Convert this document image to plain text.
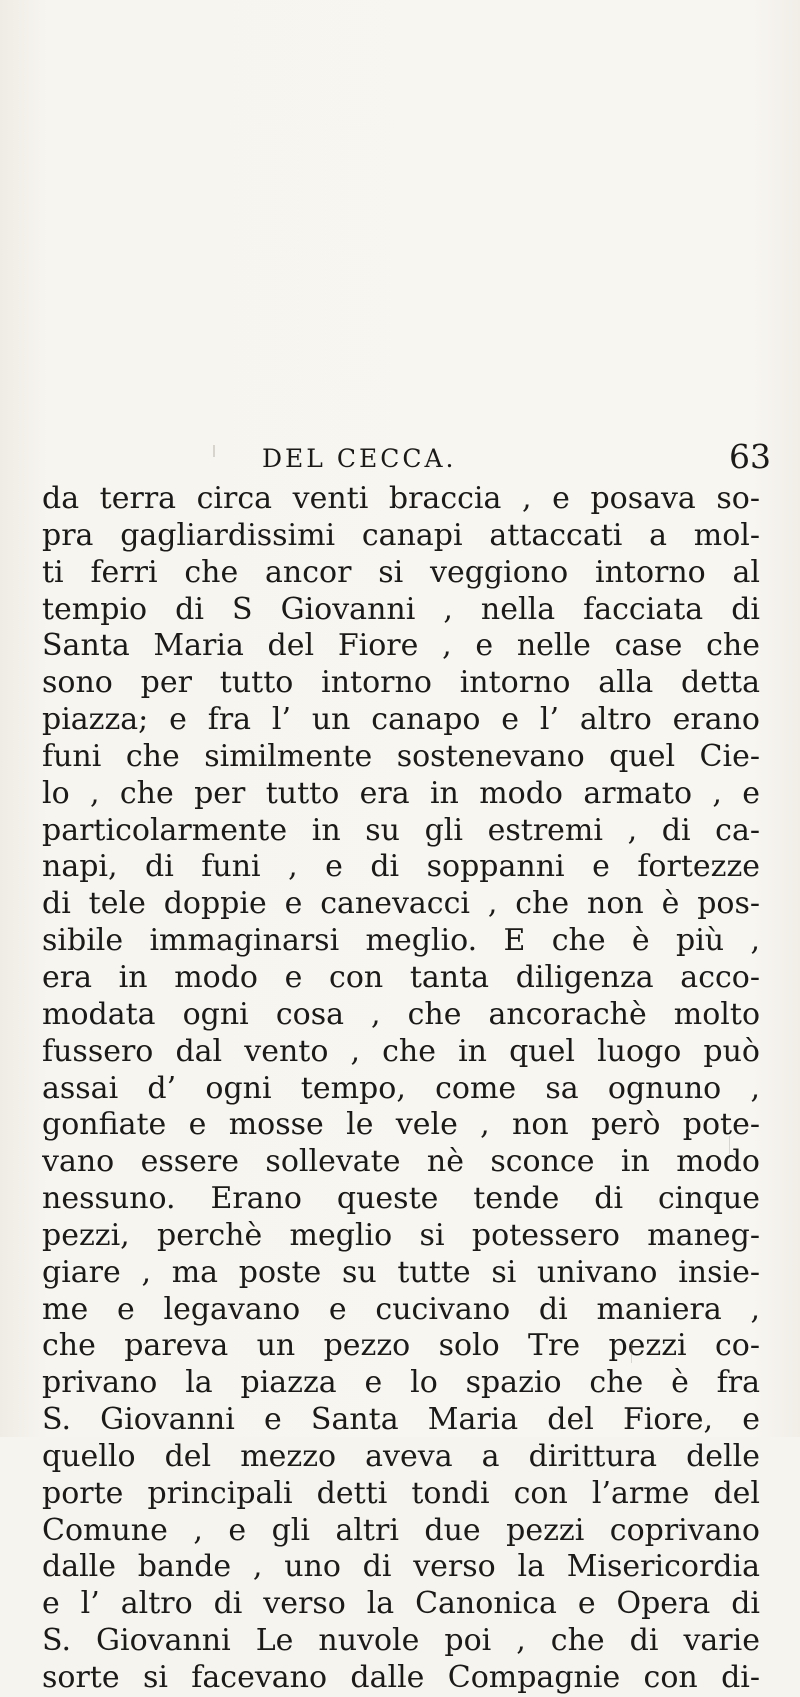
DEL CECCA.	63
da terra circa venti braccia , e posava so-
pra gagliardissimi canapi attaccati a mol-
ti ferri che ancor si veggiono intorno al
tempio di S Giovanni , nella facciata di
Santa Maria del Fiore , e nelle case che
sono per tutto intorno intorno alla detta
piazza; e fra l’ un canapo e l’ altro erano
funi che similmente sostenevano quel Cie-
lo , che per tutto era in modo armato , e
particolarmente in su gli estremi , di ca-
napi, di funi , e di soppanni e fortezze
di tele doppie e canevacci , che non è pos-
sibile immaginarsi meglio. E che è più ,
era in modo e con tanta diligenza acco-
modata ogni cosa , che ancorachè molto
fussero dal vento , che in quel luogo può
assai d’ ogni tempo, come sa ognuno ,
gonfiate e mosse le vele , non però pote-
vano essere sollevate nè sconce in modo
nessuno. Erano queste tende di cinque
pezzi, perchè meglio si potessero maneg-
giare , ma poste su tutte si univano insie-
me e legavano e cucivano di maniera ,
che pareva un pezzo solo Tre pezzi co-
privano la piazza e lo spazio che è fra
S. Giovanni e Santa Maria del Fiore, e
quello del mezzo aveva a dirittura delle
porte principali detti tondi con l’arme del
Comune , e gli altri due pezzi coprivano
dalle bande , uno di verso la Misericordia
e l’ altro di verso la Canonica e Opera di
S. Giovanni Le nuvole poi , che di varie
sorte si facevano dalle Compagnie con di-
